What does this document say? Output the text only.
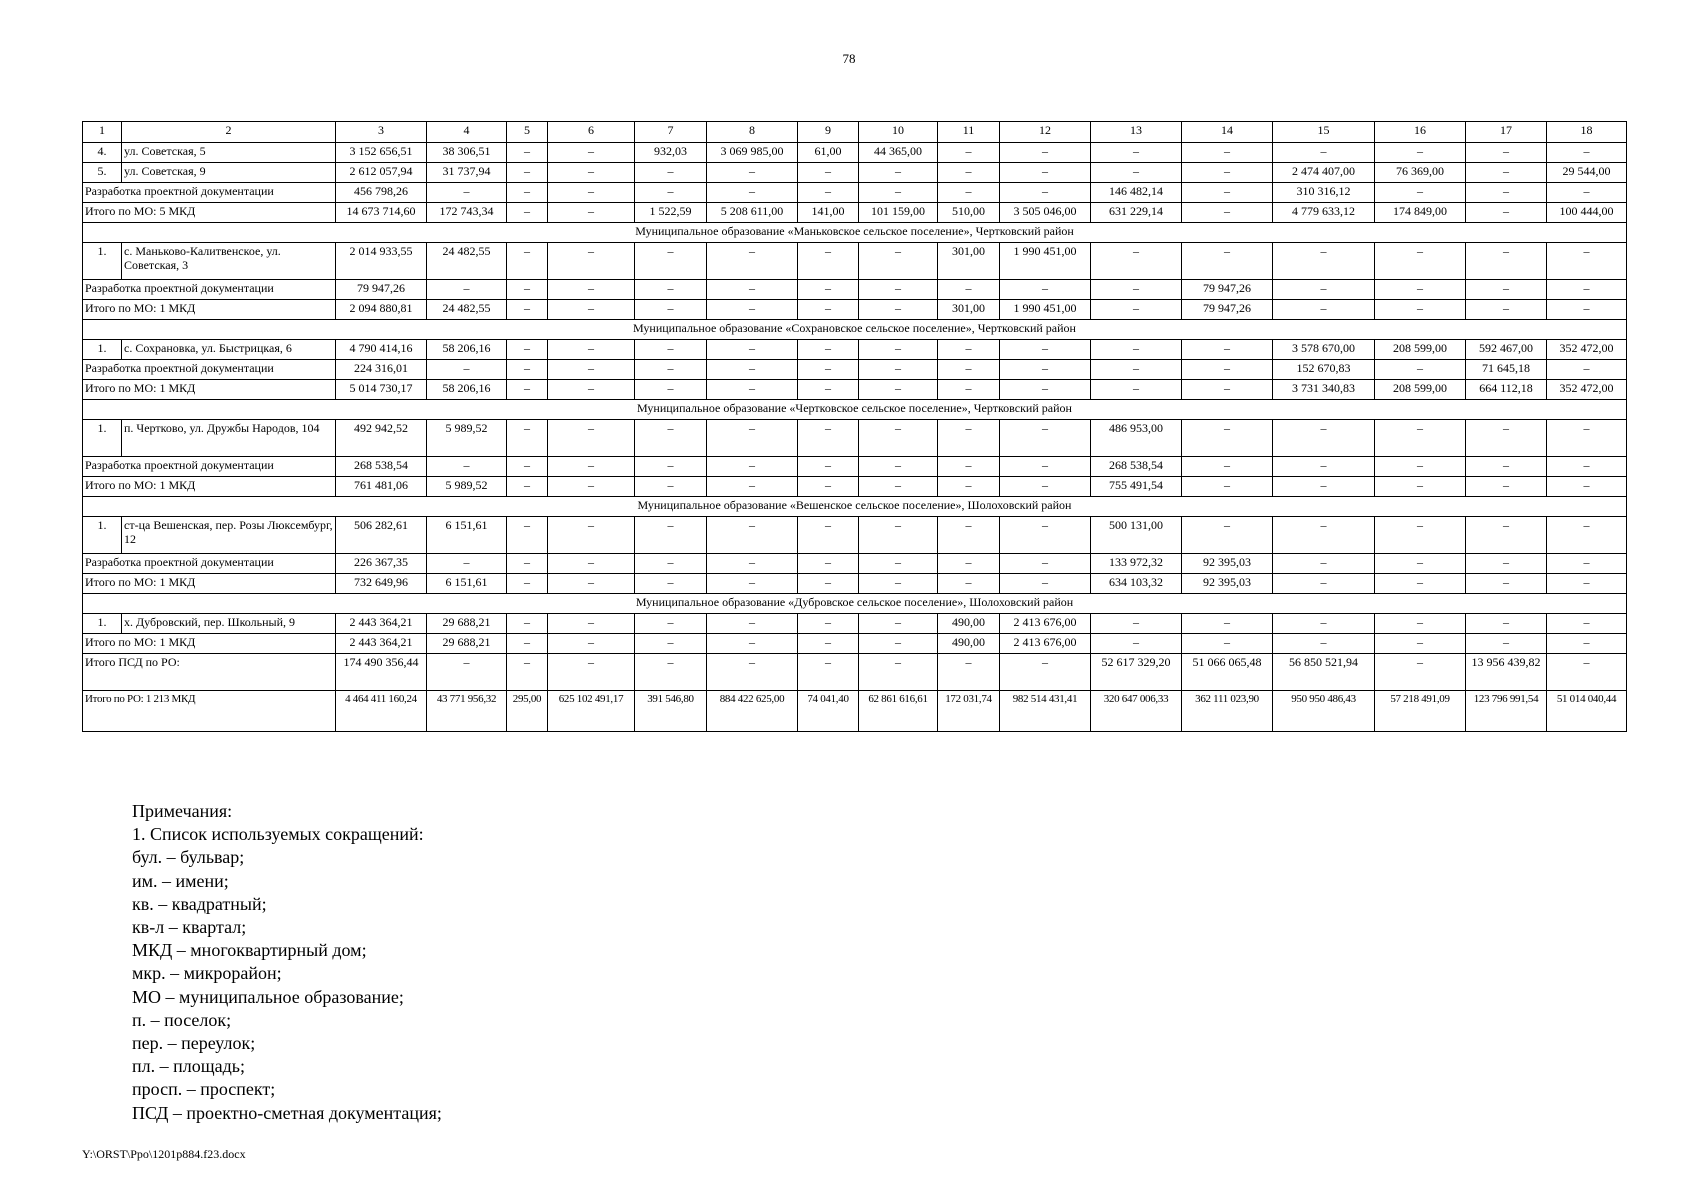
78
1	2	3	4	5	6	7	8	9	10	11	12	13	14	15	16	17	18
4.	ул. Советская, 5	3 152 656,51	38 306,51	–	–	932,03	3 069 985,00	61,00	44 365,00	–	–	–	–	–	–	–	–
5.	ул. Советская, 9	2 612 057,94	31 737,94	–	–	–	–	–	–	–	–	–	–	2 474 407,00	76 369,00	–	29 544,00
Разработка проектной документации		456 798,26	–	–	–	–	–	–	–	–	–	146 482,14	–	310 316,12	–	–	–
Итого по МО: 5 МКД		14 673 714,60	172 743,34	–	–	1 522,59	5 208 611,00	141,00	101 159,00	510,00	3 505 046,00	631 229,14	–	4 779 633,12	174 849,00	–	100 444,00
Муниципальное образование «Маньковское сельское поселение», Чертковский район																	
1.	с. Маньково-Калитвенское, ул. Советская, 3	2 014 933,55	24 482,55	–	–	–	–	–	–	301,00	1 990 451,00	–	–	–	–	–	–
Разработка проектной документации		79 947,26	–	–	–	–	–	–	–	–	–	–	79 947,26	–	–	–	–
Итого по МО: 1 МКД		2 094 880,81	24 482,55	–	–	–	–	–	–	301,00	1 990 451,00	–	79 947,26	–	–	–	–
Муниципальное образование «Сохрановское сельское поселение», Чертковский район																	
1.	с. Сохрановка, ул. Быстрицкая, 6	4 790 414,16	58 206,16	–	–	–	–	–	–	–	–	–	–	3 578 670,00	208 599,00	592 467,00	352 472,00
Разработка проектной документации		224 316,01	–	–	–	–	–	–	–	–	–	–	–	152 670,83	–	71 645,18	–
Итого по МО: 1 МКД		5 014 730,17	58 206,16	–	–	–	–	–	–	–	–	–	–	3 731 340,83	208 599,00	664 112,18	352 472,00
Муниципальное образование «Чертковское сельское поселение», Чертковский район																	
1.	п. Чертково, ул. Дружбы Народов, 104	492 942,52	5 989,52	–	–	–	–	–	–	–	–	486 953,00	–	–	–	–	–
Разработка проектной документации		268 538,54	–	–	–	–	–	–	–	–	–	268 538,54	–	–	–	–	–
Итого по МО: 1 МКД		761 481,06	5 989,52	–	–	–	–	–	–	–	–	755 491,54	–	–	–	–	–
Муниципальное образование «Вешенское сельское поселение», Шолоховский район																	
1.	ст-ца Вешенская, пер. Розы Люксембург, 12	506 282,61	6 151,61	–	–	–	–	–	–	–	–	500 131,00	–	–	–	–	–
Разработка проектной документации		226 367,35	–	–	–	–	–	–	–	–	–	133 972,32	92 395,03	–	–	–	–
Итого по МО: 1 МКД		732 649,96	6 151,61	–	–	–	–	–	–	–	–	634 103,32	92 395,03	–	–	–	–
Муниципальное образование «Дубровское сельское поселение», Шолоховский район																	
1.	х. Дубровский, пер. Школьный, 9	2 443 364,21	29 688,21	–	–	–	–	–	–	490,00	2 413 676,00	–	–	–	–	–	–
Итого по МО: 1 МКД		2 443 364,21	29 688,21	–	–	–	–	–	–	490,00	2 413 676,00	–	–	–	–	–	–
Итого ПСД по РО:		174 490 356,44	–	–	–	–	–	–	–	–	–	52 617 329,20	51 066 065,48	56 850 521,94	–	13 956 439,82	–
Итого по РО: 1 213 МКД		4 464 411 160,24	43 771 956,32	295,00	625 102 491,17	391 546,80	884 422 625,00	74 041,40	62 861 616,61	172 031,74	982 514 431,41	320 647 006,33	362 111 023,90	950 950 486,43	57 218 491,09	123 796 991,54	51 014 040,44
Примечания:
1. Список используемых сокращений:
бул. – бульвар;
им. – имени;
кв. – квадратный;
кв-л – квартал;
МКД – многоквартирный дом;
мкр. – микрорайон;
МО – муниципальное образование;
п. – поселок;
пер. – переулок;
пл. – площадь;
просп. – проспект;
ПСД – проектно-сметная документация;
Y:\ORST\Ppo\1201p884.f23.docx
